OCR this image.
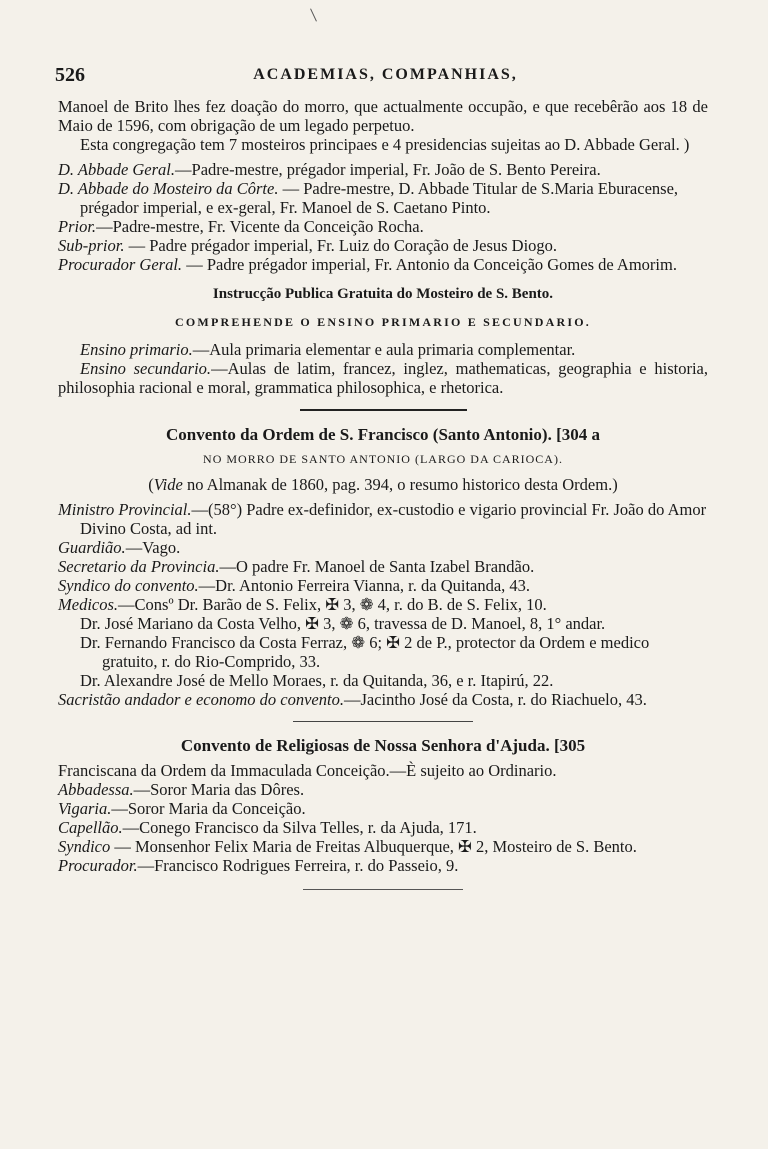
526	ACADEMIAS, COMPANHIAS,

Manoel de Brito lhes fez doação do morro, que actualmente occupão, e que recebêrão aos 18 de Maio de 1596, com obrigação de um legado perpetuo.

Esta congregação tem 7 mosteiros principaes e 4 presidencias sujeitas ao D. Abbade Geral. )

D. Abbade Geral.—Padre-mestre, prégador imperial, Fr. João de S. Bento Pereira.

D. Abbade do Mosteiro da Côrte. — Padre-mestre, D. Abbade Titular de S.Maria Eburacense, prégador imperial, e ex-geral, Fr. Manoel de S. Caetano Pinto.

Prior.—Padre-mestre, Fr. Vicente da Conceição Rocha.

Sub-prior. — Padre prégador imperial, Fr. Luiz do Coração de Jesus Diogo.

Procurador Geral. — Padre prégador imperial, Fr. Antonio da Conceição Gomes de Amorim.

Instrucção Publica Gratuita do Mosteiro de S. Bento.

COMPREHENDE O ENSINO PRIMARIO E SECUNDARIO.

Ensino primario.—Aula primaria elementar e aula primaria complementar.

Ensino secundario.—Aulas de latim, francez, inglez, mathematicas, geographia e historia, philosophia racional e moral, grammatica philosophica, e rhetorica.

Convento da Ordem de S. Francisco (Santo Antonio). [304 a

NO MORRO DE SANTO ANTONIO (LARGO DA CARIOCA).

(Vide no Almanak de 1860, pag. 394, o resumo historico desta Ordem.)

Ministro Provincial.—(58°) Padre ex-definidor, ex-custodio e vigario provincial Fr. João do Amor Divino Costa, ad int.

Guardião.—Vago.

Secretario da Provincia.—O padre Fr. Manoel de Santa Izabel Brandão.

Syndico do convento.—Dr. Antonio Ferreira Vianna, r. da Quitanda, 43.

Medicos.—Consº Dr. Barão de S. Felix, ✠ 3, ❁ 4, r. do B. de S. Felix, 10.

Dr. José Mariano da Costa Velho, ✠ 3, ❁ 6, travessa de D. Manoel, 8, 1° andar.

Dr. Fernando Francisco da Costa Ferraz, ❁ 6; ✠ 2 de P., protector da Ordem e medico gratuito, r. do Rio-Comprido, 33.

Dr. Alexandre José de Mello Moraes, r. da Quitanda, 36, e r. Itapirú, 22.

Sacristão andador e economo do convento.—Jacintho José da Costa, r. do Riachuelo, 43.

Convento de Religiosas de Nossa Senhora d'Ajuda. [305

Franciscana da Ordem da Immaculada Conceição.—È sujeito ao Ordinario.

Abbadessa.—Soror Maria das Dôres.

Vigaria.—Soror Maria da Conceição.

Capellão.—Conego Francisco da Silva Telles, r. da Ajuda, 171.

Syndico — Monsenhor Felix Maria de Freitas Albuquerque, ✠ 2, Mosteiro de S. Bento.

Procurador.—Francisco Rodrigues Ferreira, r. do Passeio, 9.
